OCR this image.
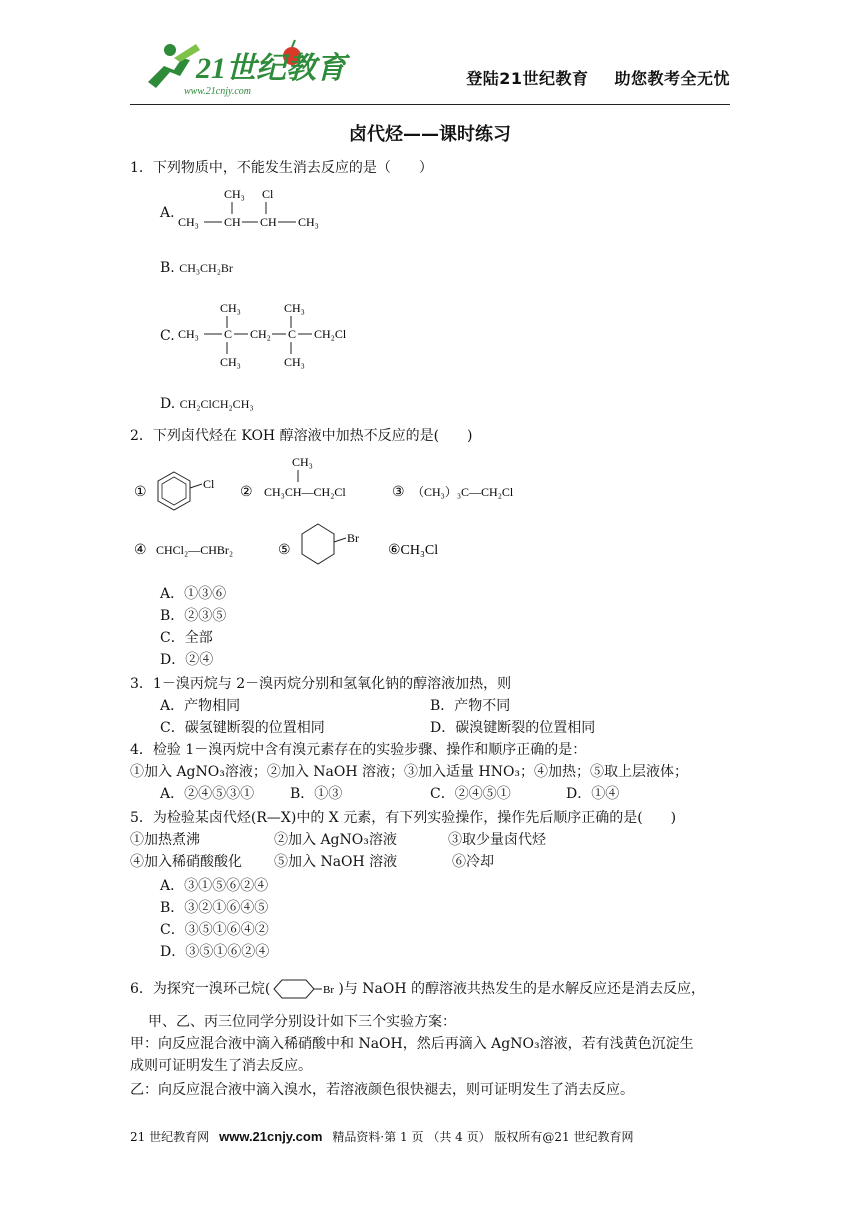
21世纪教育
www.21cnjy.com
登陆21世纪教育 助您教考全无忧
卤代烃——课时练习
1．下列物质中，不能发生消去反应的是（　　）
A.
CH₃ Cl
CH₃ CH CH CH₃
B. CH₃CH₂Br
C.
CH₃	CH₃
CH₃ C CH₂ C CH₂Cl
CH₃	CH₃
D. CH₂ClCH₂CH₃
2．下列卤代烃在 KOH 醇溶液中加热不反应的是(　　)
①
Cl
②
CH₃
CH₃CH—CH₂Cl	③ （CH₃）₃C—CH₂Cl
④ CHCl₂—CHBr₂	⑤
Br
⑥CH₃Cl
A．①③⑥
B．②③⑤
C．全部
D．②④
3．1－溴丙烷与 2－溴丙烷分别和氢氧化钠的醇溶液加热，则
A．产物相同	B．产物不同
C．碳氢键断裂的位置相同	D．碳溴键断裂的位置相同
4．检验 1－溴丙烷中含有溴元素存在的实验步骤、操作和顺序正确的是：
①加入 AgNO₃溶液；②加入 NaOH 溶液；③加入适量 HNO₃；④加热；⑤取上层液体；
A．②④⑤③①	B．①③	C．②④⑤①	D．①④
5．为检验某卤代烃(R—X)中的 X 元素，有下列实验操作，操作先后顺序正确的是(　　)
①加热煮沸	②加入 AgNO₃溶液	③取少量卤代烃
④加入稀硝酸酸化 ⑤加入 NaOH 溶液	⑥冷却
A．③①⑤⑥②④
B．③②①⑥④⑤
C．③⑤①⑥④②
D．③⑤①⑥②④
6．为探究一溴环己烷(	Br )与 NaOH 的醇溶液共热发生的是水解反应还是消去反应，
甲、乙、丙三位同学分别设计如下三个实验方案：
甲：向反应混合液中滴入稀硝酸中和 NaOH，然后再滴入 AgNO₃溶液，若有浅黄色沉淀生
成则可证明发生了消去反应。
乙：向反应混合液中滴入溴水，若溶液颜色很快褪去，则可证明发生了消去反应。
21 世纪教育网 www.21cnjy.com 精品资料·第 1 页 （共 4 页） 版权所有@21 世纪教育网
